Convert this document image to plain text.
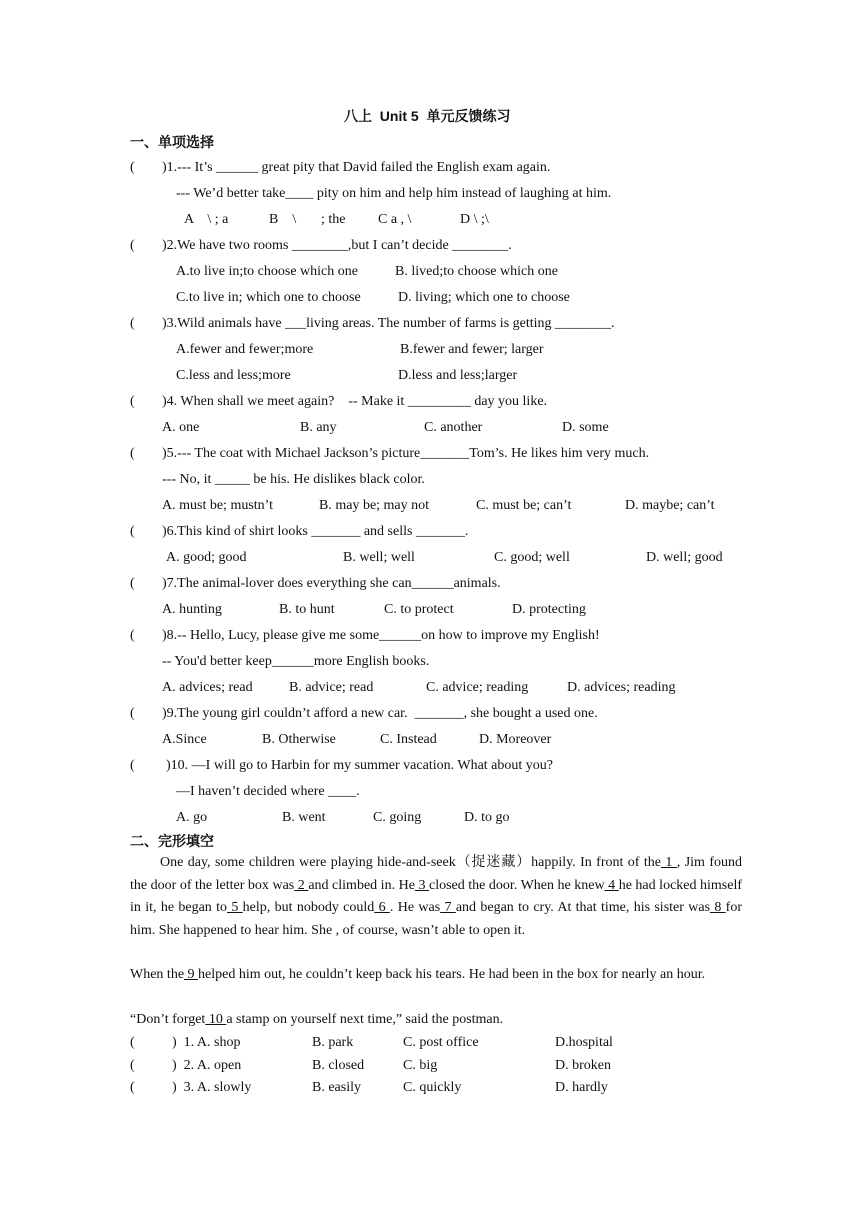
八上  Unit 5  单元反馈练习
一、单项选择
( )1.--- It’s ______ great pity that David failed the English exam again.
--- We’d better take____ pity on him and help him instead of laughing at him.
A    \ ; a	B    \ ; the C a , \	D \ ;\
( )2.We have two rooms ________,but I can’t decide ________.
A.to live in;to choose which one	B. lived;to choose which one
C.to live in; which one to choose	D. living; which one to choose
( )3.Wild animals have ___living areas. The number of farms is getting ________.
A.fewer and fewer;more	B.fewer and fewer; larger
C.less and less;more	D.less and less;larger
( )4. When shall we meet again?    -- Make it _________ day you like.
A. one	B. any	C. another	D. some
( )5.--- The coat with Michael Jackson’s picture_______Tom’s. He likes him very much.
--- No, it _____ be his. He dislikes black color.
A. must be; mustn’t	B. may be; may not	C. must be; can’t	D. maybe; can’t
( )6.This kind of shirt looks _______ and sells _______.
A. good; good	B. well; well	C. good; well	D. well; good
( )7.The animal-lover does everything she can______animals.
A. hunting	B. to hunt	C. to protect	D. protecting
( )8.-- Hello, Lucy, please give me some______on how to improve my English!
-- You'd better keep______more English books.
A. advices; read	B. advice; read	C. advice; reading	D. advices; reading
( )9.The young girl couldn’t afford a new car.  _______, she bought a used one.
A.Since	B. Otherwise	C. Instead	D. Moreover
( )10. —I will go to Harbin for my summer vacation. What about you?
—I haven’t decided where ____.
A. go	B. went	C. going	D. to go
二、完形填空
One day, some children were playing hide-and-seek（捉迷藏）happily. In front of the 1 , Jim found the door of the letter box was 2 and climbed in. He 3 closed the door. When he knew 4 he had locked himself in it, he began to 5 help, but nobody could 6 . He was 7 and began to cry. At that time, his sister was 8 for him. She happened to hear him. She , of course, wasn’t able to open it.
When the 9 helped him out, he couldn’t keep back his tears. He had been in the box for nearly an hour.
“Don’t forget 10 a stamp on yourself next time,” said the postman.
(	)  1. A. shop	B. park	C. post office	D.hospital
(	)  2. A. open	B. closed	C. big	D. broken
(	)  3. A. slowly	B. easily	C. quickly	D. hardly
